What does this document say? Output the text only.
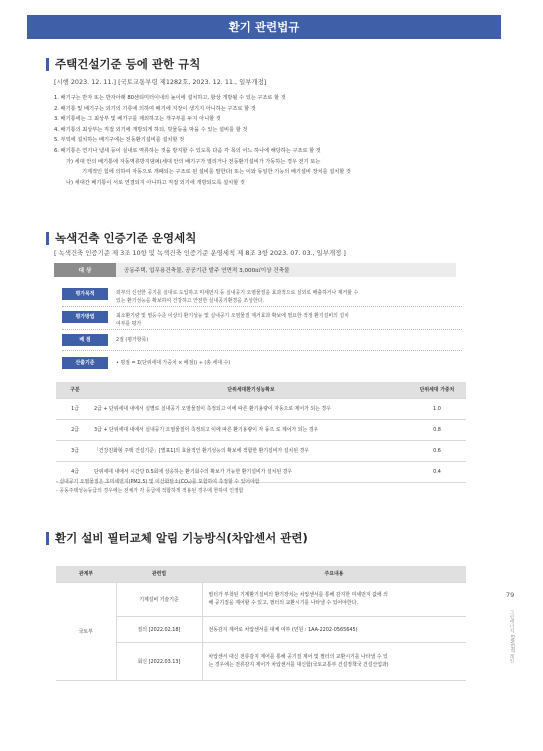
환기 관련법규
주택건설기준 등에 관한 규칙
[시행 2023. 12. 11.] [국토교통부령 제1282호, 2023. 12. 11., 일부개정]
1. 배기구는 반자 또는 반자아래 80센티미터이내의 높이에 설치하고, 항상 개방될 수 있는 구조로 할 것
2. 배기통 및 배기구는 외기의 기류에 의하여 배기에 지장이 생기지 아니하는 구조로 할 것
3. 배기통에는 그 최상부 및 배기구를 제외하고는 개구부를 두지 아니할 것
4. 배기통의 최상부는 직접 외기에 개방되게 하되, 빗물등을 막을 수 있는 설비를 할 것
5. 부엌에 설치하는 배기구에는 전동환기설비를 설치할 것
6. 배기통은 연기나 냄새 등이 실내로 역류하는 것을 방지할 수 있도록 다음 각 목의 어느 하나에 해당하는 구조로 할 것
가) 세대 안의 배기통에 자동역류방지댐퍼(세대 안의 배기구가 열리거나 전동환기설비가 가동하는 경우 전기 또는
기계적인 힘에 의하여 자동으로 개폐되는 구조로 된 설비를 말한다) 또는 이와 동일한 기능의 배기설비 장치를 설치할 것
나) 세대간 배기통이 서로 연결되지 아니하고 직접 외기에 개방되도록 설치할 것
녹색건축 인증기준 운영세칙
[ 녹색건축 인증기준 제 3조 10항 및 녹색건축 인증기준 운영세칙 제 8조 3항 2023. 07. 03., 일부개정 ]
대 상	공동주택, 업무용건축물, 공공기관 발주 연면적 3,000㎡이상 건축물
평가목적	외부의 신선한 공기를 실내로 도입하고 미세먼지 등 실내공기 오염물질을 효과적으로 실외로 배출하거나 제거할 수
있는 환기성능을 확보하여 건강하고 안전한 실내공기환경을 조성한다.
평가방법	최소환기량 및 필등수준 이상의 환기성능 및 실내공기 오염물질 제거효과 확보에 필요한 적정 환기설비의 설치
여부를 평가
배 점	2점 (평가항목)
산출기준	• 평점 = Σ(단위세대 가중치 × 배점)) ÷ (총 세대 수)
구분	단위세대환기성능확보	단위세대 가중치
1급	2급 + 단위세대 내에서 실별로 실내공기 오염물질이 측정되고 이에 따른 환기용량이 자동으로 제어가 되는 경우	1.0
2급	3급 + 단위세대 내에서 실내공기 오염물질이 측정되고 이에 따른 환기용량이 자 동으 로 제어가 되는 경우	0.8
3급	「건강친화형 주택 건설기준」[별표1]의 효율적인 환기성능의 확보에 적합한 환기설비가 설치된 경우	0.6
4급	단위세대 내에서 시간당 0.5회에 상응하는 환기회수의 확보가 가능한 환기설비가 설치된 경우	0.4
- 실내공기 오염물질은 초미세먼지(PM2.5) 및 이산화탄소(CO₂)를 포함하여 측정할 수 있어야함
- 공동주택성능등급의 경우에는 전체가 각 등급에 적합하게 적용된 경우에 한하여 인정함
환기 설비 필터교체 알림 기능방식(차압센서 관련)
관계부	관련법	주요내용
국토부	기계설비 기술기준	필터가 부착된 기계환기설비의 환기장치는 차압센서를 통해 감지한 미세먼지 값에 의
해 공기질을 제어할 수 있고, 필터의 교환시기를 나타낼 수 있어야한다.

	질의 [2022.02.18]	전동감지 제어로 차압센서를 대체 여부 (민원 : 1AA-2202-0565645)

	회신 [2022.03.13]	차압센서 대신 전류감지 제어를 통해 공기질 제어 및 필터의 교환시기를 나타낼 수 있
는 경우에는 전류감지 제어가 차압센서를 대신함(국토교통부 건설정책국 건설산업과)
79
그린에너지 ENVERT 레인
